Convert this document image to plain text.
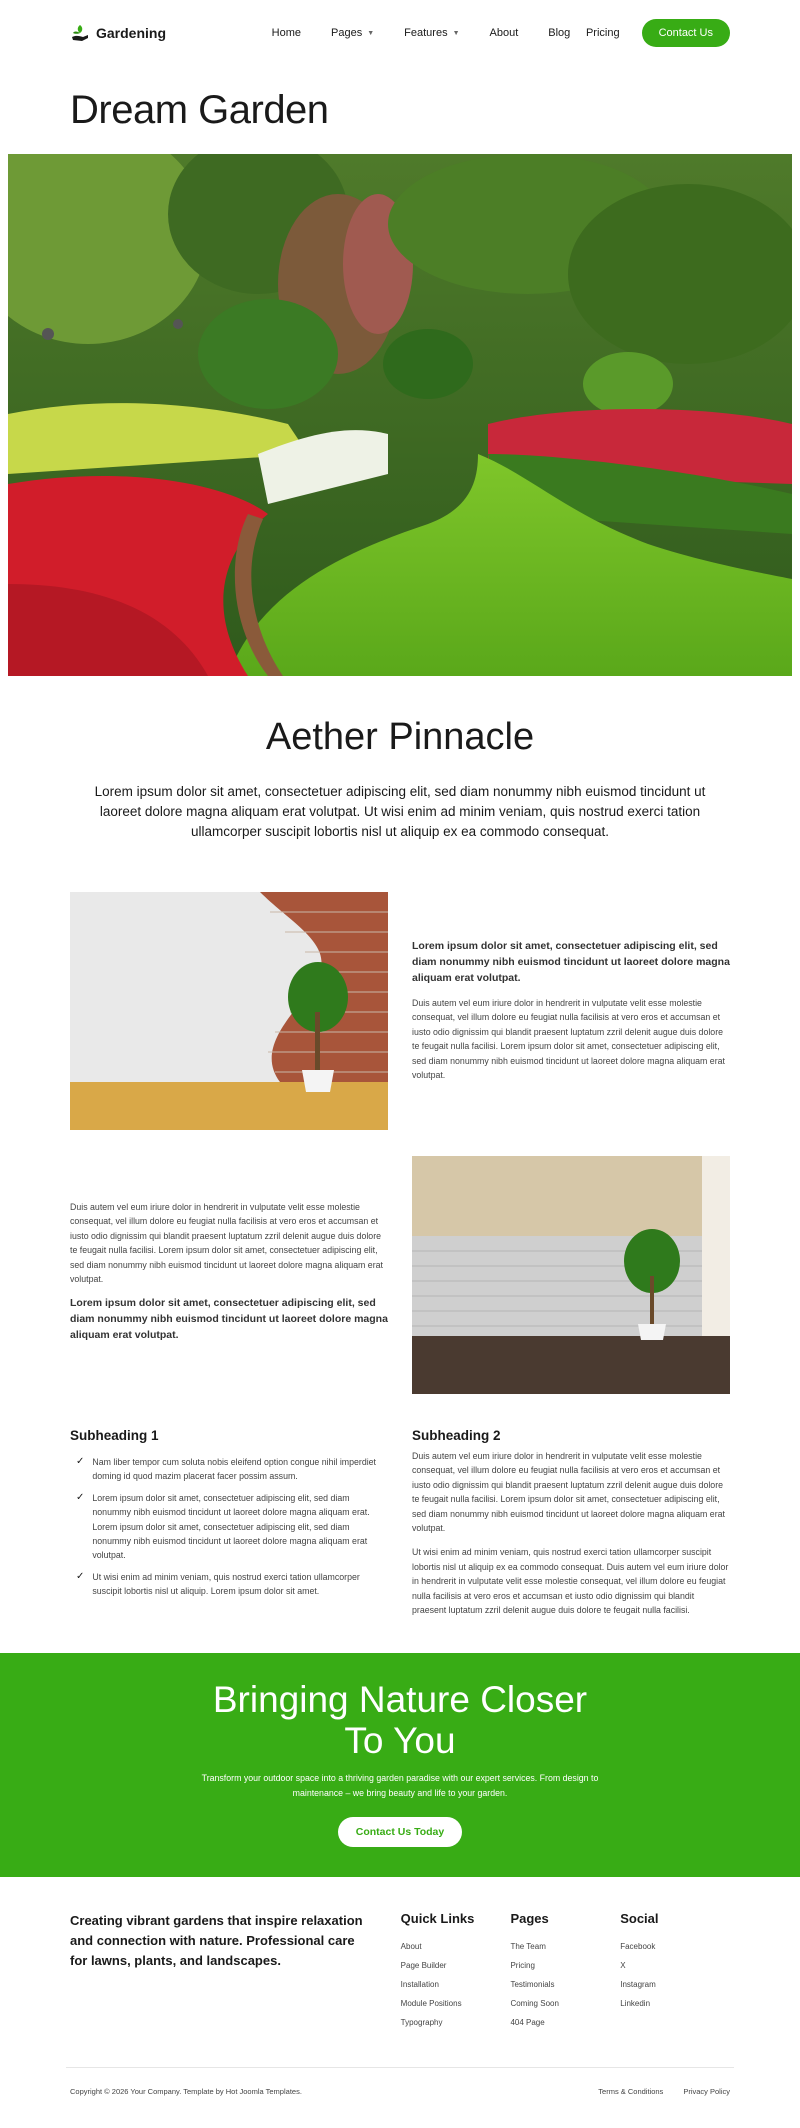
Gardening	Home	Pages ▼	Features ▼	About	Blog Pricing	Contact Us
Dream Garden
Aether Pinnacle

Lorem ipsum dolor sit amet, consectetuer adipiscing elit, sed diam nonummy nibh euismod tincidunt ut laoreet dolore magna aliquam erat volutpat. Ut wisi enim ad minim veniam, quis nostrud exerci tation ullamcorper suscipit lobortis nisl ut aliquip ex ea commodo consequat.

Lorem ipsum dolor sit amet, consectetuer adipiscing elit, sed diam nonummy nibh euismod tincidunt ut laoreet dolore magna aliquam erat volutpat.

Duis autem vel eum iriure dolor in hendrerit in vulputate velit esse molestie consequat, vel illum dolore eu feugiat nulla facilisis at vero eros et accumsan et iusto odio dignissim qui blandit praesent luptatum zzril delenit augue duis dolore te feugait nulla facilisi. Lorem ipsum dolor sit amet, consectetuer adipiscing elit, sed diam nonummy nibh euismod tincidunt ut laoreet dolore magna aliquam erat volutpat.

Duis autem vel eum iriure dolor in hendrerit in vulputate velit esse molestie consequat, vel illum dolore eu feugiat nulla facilisis at vero eros et accumsan et iusto odio dignissim qui blandit praesent luptatum zzril delenit augue duis dolore te feugait nulla facilisi. Lorem ipsum dolor sit amet, consectetuer adipiscing elit, sed diam nonummy nibh euismod tincidunt ut laoreet dolore magna aliquam erat volutpat.

Lorem ipsum dolor sit amet, consectetuer adipiscing elit, sed diam nonummy nibh euismod tincidunt ut laoreet dolore magna aliquam erat volutpat.

Subheading 1
✓ Nam liber tempor cum soluta nobis eleifend option congue nihil imperdiet doming id quod mazim placerat facer possim assum.
✓ Lorem ipsum dolor sit amet, consectetuer adipiscing elit, sed diam nonummy nibh euismod tincidunt ut laoreet dolore magna aliquam erat. Lorem ipsum dolor sit amet, consectetuer adipiscing elit, sed diam nonummy nibh euismod tincidunt ut laoreet dolore magna aliquam erat volutpat.
✓ Ut wisi enim ad minim veniam, quis nostrud exerci tation ullamcorper suscipit lobortis nisl ut aliquip. Lorem ipsum dolor sit amet.
Subheading 2

Duis autem vel eum iriure dolor in hendrerit in vulputate velit esse molestie consequat, vel illum dolore eu feugiat nulla facilisis at vero eros et accumsan et iusto odio dignissim qui blandit praesent luptatum zzril delenit augue duis dolore te feugait nulla facilisi. Lorem ipsum dolor sit amet, consectetuer adipiscing elit, sed diam nonummy nibh euismod tincidunt ut laoreet dolore magna aliquam erat volutpat.

Ut wisi enim ad minim veniam, quis nostrud exerci tation ullamcorper suscipit lobortis nisl ut aliquip ex ea commodo consequat. Duis autem vel eum iriure dolor in hendrerit in vulputate velit esse molestie consequat, vel illum dolore eu feugiat nulla facilisis at vero eros et accumsan et iusto odio dignissim qui blandit praesent luptatum zzril delenit augue duis dolore te feugait nulla facilisi.

Bringing Nature Closer To You

Transform your outdoor space into a thriving garden paradise with our expert services. From design to maintenance – we bring beauty and life to your garden.

Contact Us Today

Creating vibrant gardens that inspire relaxation and connection with nature. Professional care for lawns, plants, and landscapes.

Quick Links
About
Page Builder
Installation
Module Positions
Typography
Pages
The Team
Pricing
Testimonials
Coming Soon
404 Page
Social
Facebook
X
Instagram
Linkedin
Copyright © 2026 Your Company. Template by Hot Joomla Templates.	Terms & Conditions	Privacy Policy
